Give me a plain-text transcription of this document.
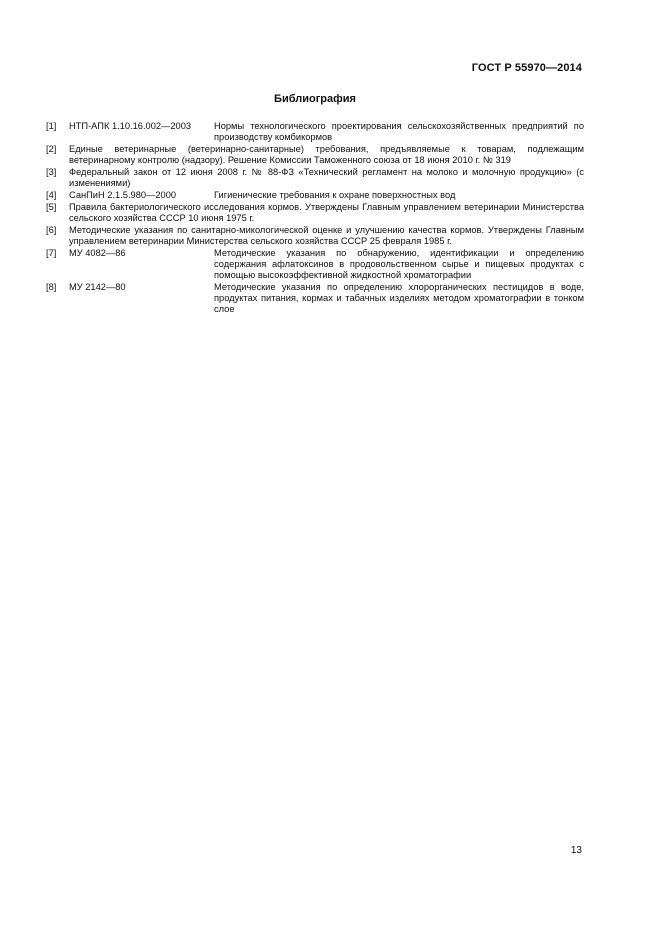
ГОСТ Р 55970—2014
Библиография
[1]	НТП-АПК 1.10.16.002—2003	Нормы технологического проектирования сельскохозяйственных предприятий по производству комбикормов
[2]	Единые ветеринарные (ветеринарно-санитарные) требования, предъявляемые к товарам, подлежащим ветеринарному контролю (надзору). Решение Комиссии Таможенного союза от 18 июня 2010 г. № 319
[3]	Федеральный закон от 12 июня 2008 г. № 88-ФЗ «Технический регламент на молоко и молочную продукцию» (с изменениями)
[4]	СанПиН 2.1.5.980—2000	Гигиенические требования к охране поверхностных вод
[5]	Правила бактериологического исследования кормов. Утверждены Главным управлением ветеринарии Министерства сельского хозяйства СССР 10 июня 1975 г.
[6]	Методические указания по санитарно-микологической оценке и улучшению качества кормов. Утверждены Главным управлением ветеринарии Министерства сельского хозяйства СССР 25 февраля 1985 г.
[7]	МУ 4082—86	Методические указания по обнаружению, идентификации и определению содержания афлатоксинов в продовольственном сырье и пищевых продуктах с помощью высокоэффективной жидкостной хроматографии
[8]	МУ 2142—80	Методические указания по определению хлорорганических пестицидов в воде, продуктах питания, кормах и табачных изделиях методом хроматографии в тонком слое
13
